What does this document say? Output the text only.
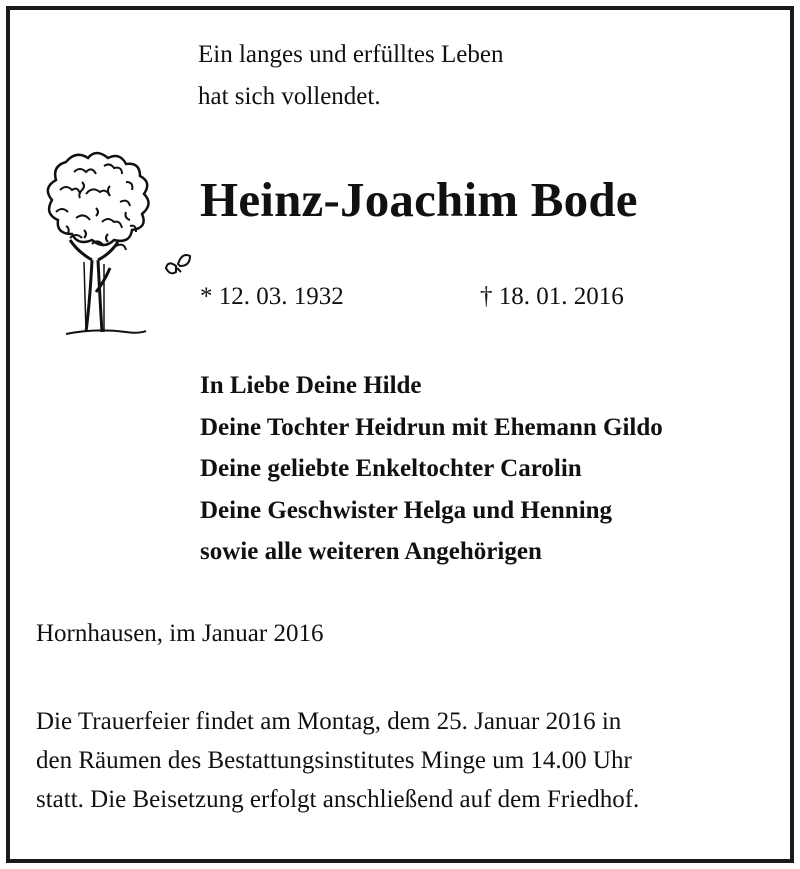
Ein langes und erfülltes Leben
hat sich vollendet.

Heinz-Joachim Bode
* 12. 03. 1932	† 18. 01. 2016
In Liebe Deine Hilde
Deine Tochter Heidrun mit Ehemann Gildo
Deine geliebte Enkeltochter Carolin
Deine Geschwister Helga und Henning
sowie alle weiteren Angehörigen
Hornhausen, im Januar 2016
Die Trauerfeier findet am Montag, dem 25. Januar 2016 in
den Räumen des Bestattungsinstitutes Minge um 14.00 Uhr
statt. Die Beisetzung erfolgt anschließend auf dem Friedhof.
